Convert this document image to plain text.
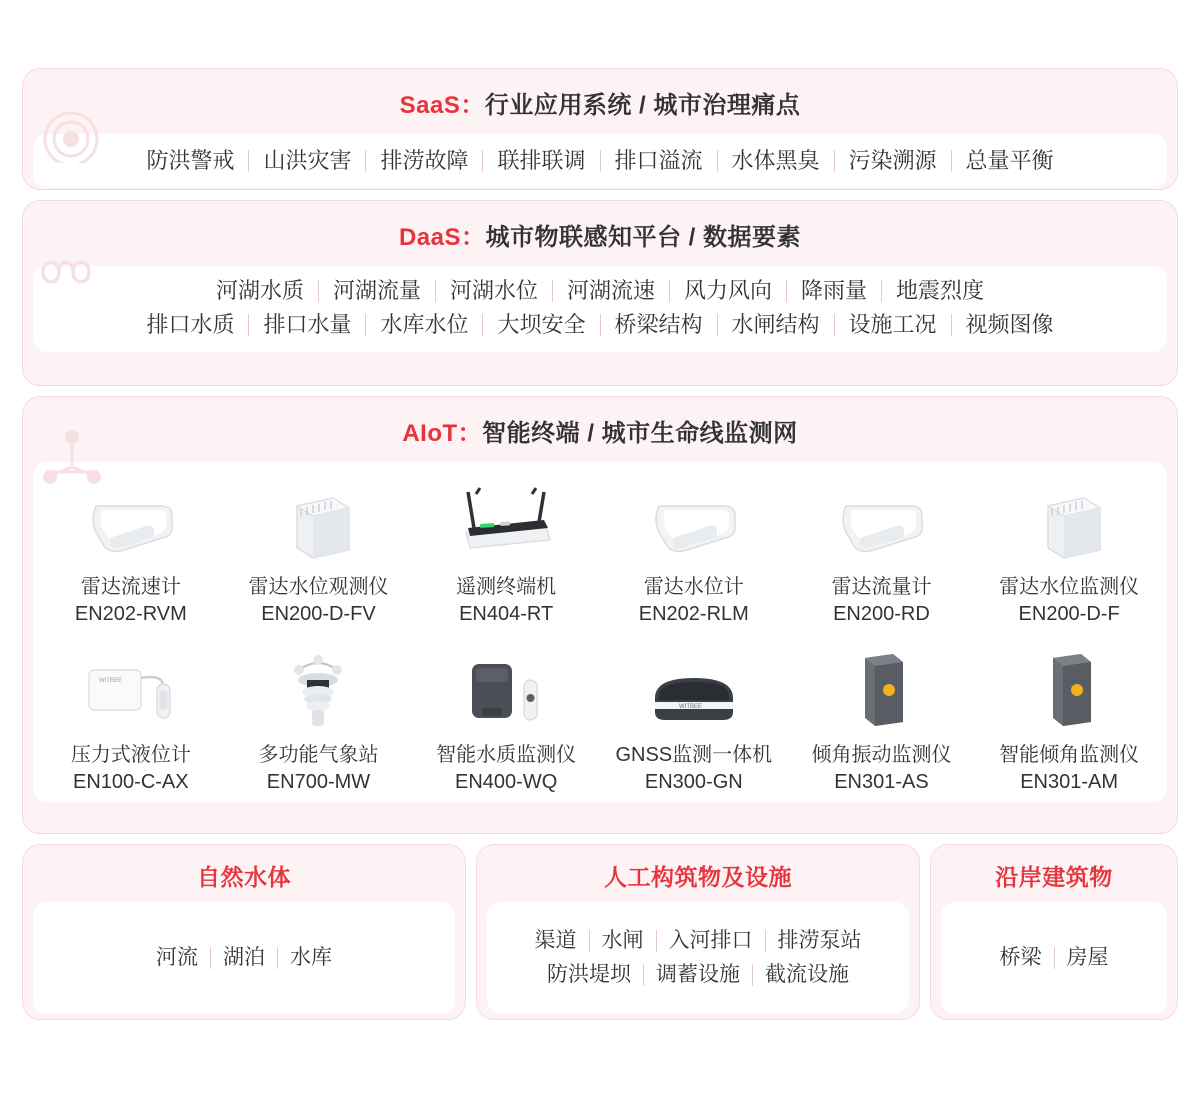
SaaS：行业应用系统 / 城市治理痛点
防洪警戒	山洪灾害	排涝故障	联排联调	排口溢流	水体黑臭	污染溯源	总量平衡
DaaS：城市物联感知平台 / 数据要素
河湖水质	河湖流量	河湖水位	河湖流速	风力风向	降雨量	地震烈度
排口水质	排口水量	水库水位	大坝安全	桥梁结构	水闸结构	设施工况	视频图像
AIoT：智能终端 / 城市生命线监测网
雷达流速计
EN202-RVM
雷达水位观测仪
EN200-D-FV
遥测终端机
EN404-RT
雷达水位计
EN202-RLM
雷达流量计
EN200-RD
雷达水位监测仪
EN200-D-F
WITBEE
压力式液位计
EN100-C-AX
多功能气象站
EN700-MW
智能水质监测仪
EN400-WQ
WITBEE
GNSS监测一体机
EN300-GN
倾角振动监测仪
EN301-AS
智能倾角监测仪
EN301-AM
自然水体
河流	湖泊	水库
人工构筑物及设施
渠道	水闸	入河排口	排涝泵站
防洪堤坝	调蓄设施	截流设施
沿岸建筑物
桥梁	房屋
